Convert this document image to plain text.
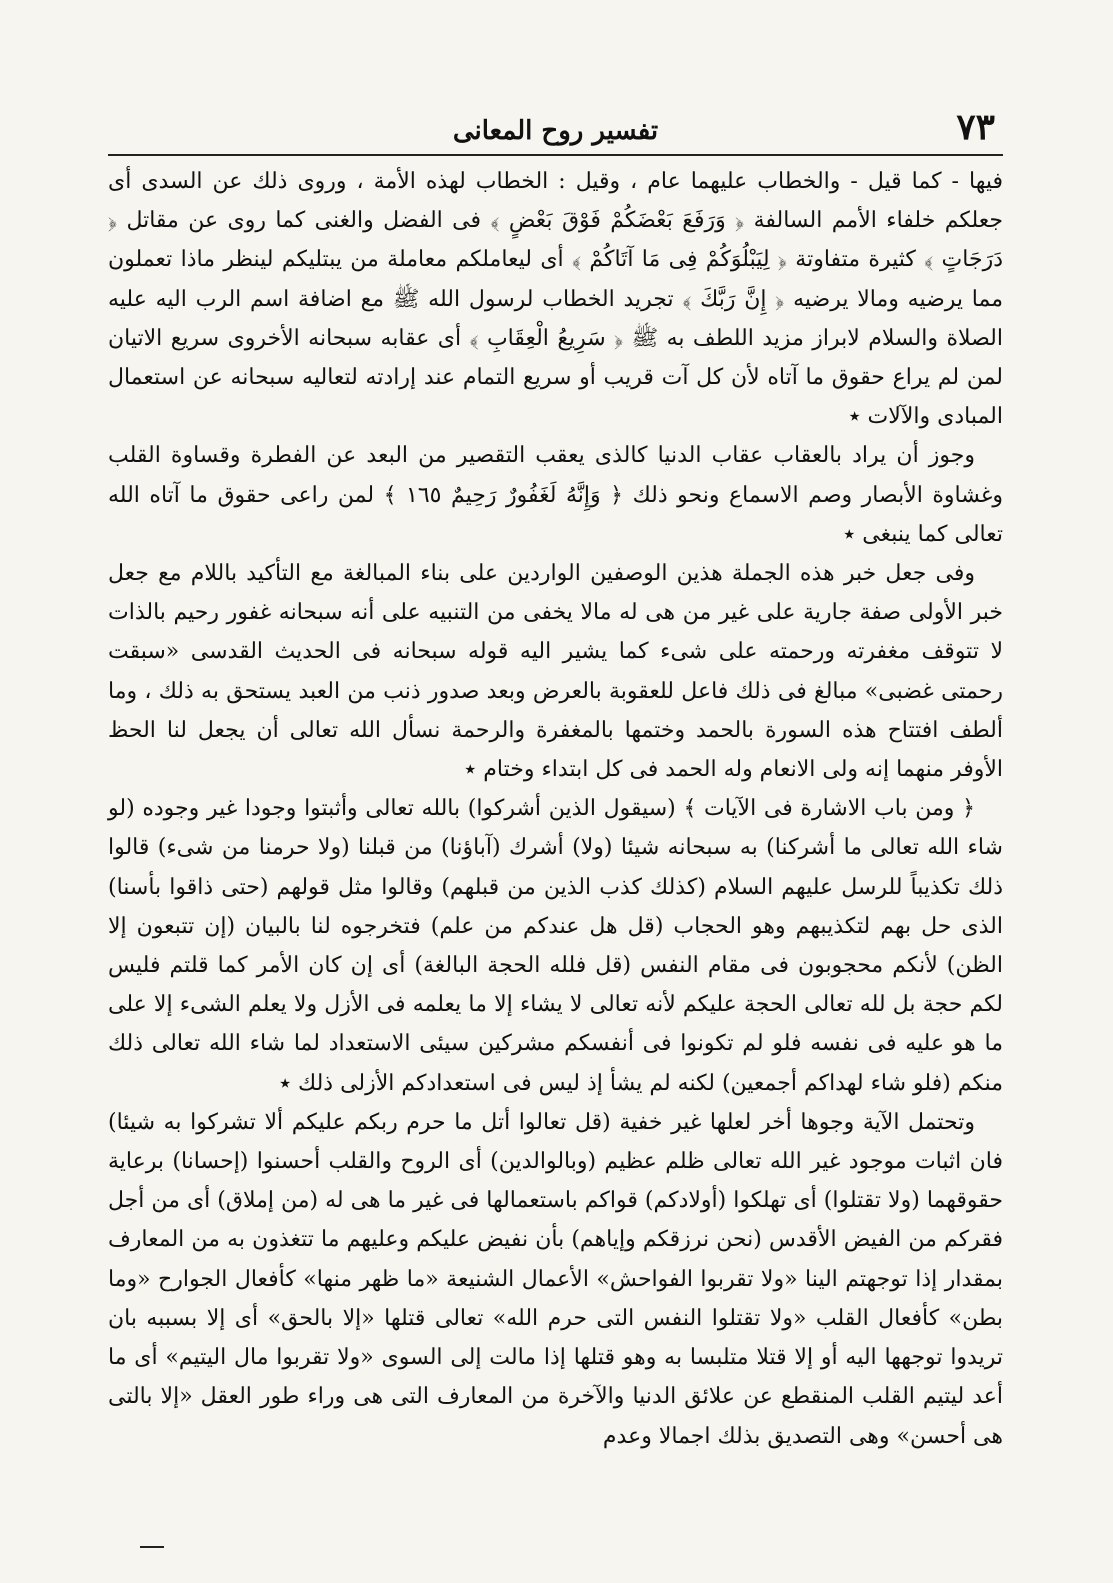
٧٣
تفسير روح المعانى

فيها - كما قيل - والخطاب عليهما عام ، وقيل : الخطاب لهذه الأمة ، وروى ذلك عن السدى أى جعلكم خلفاء الأمم السالفة ﴿ وَرَفَعَ بَعْضَكُمْ فَوْقَ بَعْضٍ ﴾ فى الفضل والغنى كما روى عن مقاتل ﴿ دَرَجَاتٍ ﴾ كثيرة متفاوتة ﴿ لِيَبْلُوَكُمْ فِى مَا آتَاكُمْ ﴾ أى ليعاملكم معاملة من يبتليكم لينظر ماذا تعملون مما يرضيه ومالا يرضيه ﴿ إِنَّ رَبَّكَ ﴾ تجريد الخطاب لرسول الله ﷺ مع اضافة اسم الرب اليه عليه الصلاة والسلام لابراز مزيد اللطف به ﷺ ﴿ سَرِيعُ الْعِقَابِ ﴾ أى عقابه سبحانه الأخروى سريع الاتيان لمن لم يراع حقوق ما آتاه لأن كل آت قريب أو سريع التمام عند إرادته لتعاليه سبحانه عن استعمال المبادى والآلات ٭

وجوز أن يراد بالعقاب عقاب الدنيا كالذى يعقب التقصير من البعد عن الفطرة وقساوة القلب وغشاوة الأبصار وصم الاسماع ونحو ذلك ﴿ وَإِنَّهُ لَغَفُورٌ رَحِيمٌ ١٦٥ ﴾ لمن راعى حقوق ما آتاه الله تعالى كما ينبغى ٭

وفى جعل خبر هذه الجملة هذين الوصفين الواردين على بناء المبالغة مع التأكيد باللام مع جعل خبر الأولى صفة جارية على غير من هى له مالا يخفى من التنبيه على أنه سبحانه غفور رحيم بالذات لا تتوقف مغفرته ورحمته على شىء كما يشير اليه قوله سبحانه فى الحديث القدسى «سبقت رحمتى غضبى» مبالغ فى ذلك فاعل للعقوبة بالعرض وبعد صدور ذنب من العبد يستحق به ذلك ، وما ألطف افتتاح هذه السورة بالحمد وختمها بالمغفرة والرحمة نسأل الله تعالى أن يجعل لنا الحظ الأوفر منهما إنه ولى الانعام وله الحمد فى كل ابتداء وختام ٭

﴿ ومن باب الاشارة فى الآيات ﴾ (سيقول الذين أشركوا) بالله تعالى وأثبتوا وجودا غير وجوده (لو شاء الله تعالى ما أشركنا) به سبحانه شيئا (ولا) أشرك (آباؤنا) من قبلنا (ولا حرمنا من شىء) قالوا ذلك تكذيباً للرسل عليهم السلام (كذلك كذب الذين من قبلهم) وقالوا مثل قولهم (حتى ذاقوا بأسنا) الذى حل بهم لتكذيبهم وهو الحجاب (قل هل عندكم من علم) فتخرجوه لنا بالبيان (إن تتبعون إلا الظن) لأنكم محجوبون فى مقام النفس (قل فلله الحجة البالغة) أى إن كان الأمر كما قلتم فليس لكم حجة بل لله تعالى الحجة عليكم لأنه تعالى لا يشاء إلا ما يعلمه فى الأزل ولا يعلم الشىء إلا على ما هو عليه فى نفسه فلو لم تكونوا فى أنفسكم مشركين سيئى الاستعداد لما شاء الله تعالى ذلك منكم (فلو شاء لهداكم أجمعين) لكنه لم يشأ إذ ليس فى استعدادكم الأزلى ذلك ٭

وتحتمل الآية وجوها أخر لعلها غير خفية (قل تعالوا أتل ما حرم ربكم عليكم ألا تشركوا به شيئا) فان اثبات موجود غير الله تعالى ظلم عظيم (وبالوالدين) أى الروح والقلب أحسنوا (إحسانا) برعاية حقوقهما (ولا تقتلوا) أى تهلكوا (أولادكم) قواكم باستعمالها فى غير ما هى له (من إملاق) أى من أجل فقركم من الفيض الأقدس (نحن نرزقكم وإياهم) بأن نفيض عليكم وعليهم ما تتغذون به من المعارف بمقدار إذا توجهتم الينا «ولا تقربوا الفواحش» الأعمال الشنيعة «ما ظهر منها» كأفعال الجوارح «وما بطن» كأفعال القلب «ولا تقتلوا النفس التى حرم الله» تعالى قتلها «إلا بالحق» أى إلا بسببه بان تريدوا توجهها اليه أو إلا قتلا متلبسا به وهو قتلها إذا مالت إلى السوى «ولا تقربوا مال اليتيم» أى ما أعد ليتيم القلب المنقطع عن علائق الدنيا والآخرة من المعارف التى هى وراء طور العقل «إلا بالتى هى أحسن» وهى التصديق بذلك اجمالا وعدم
